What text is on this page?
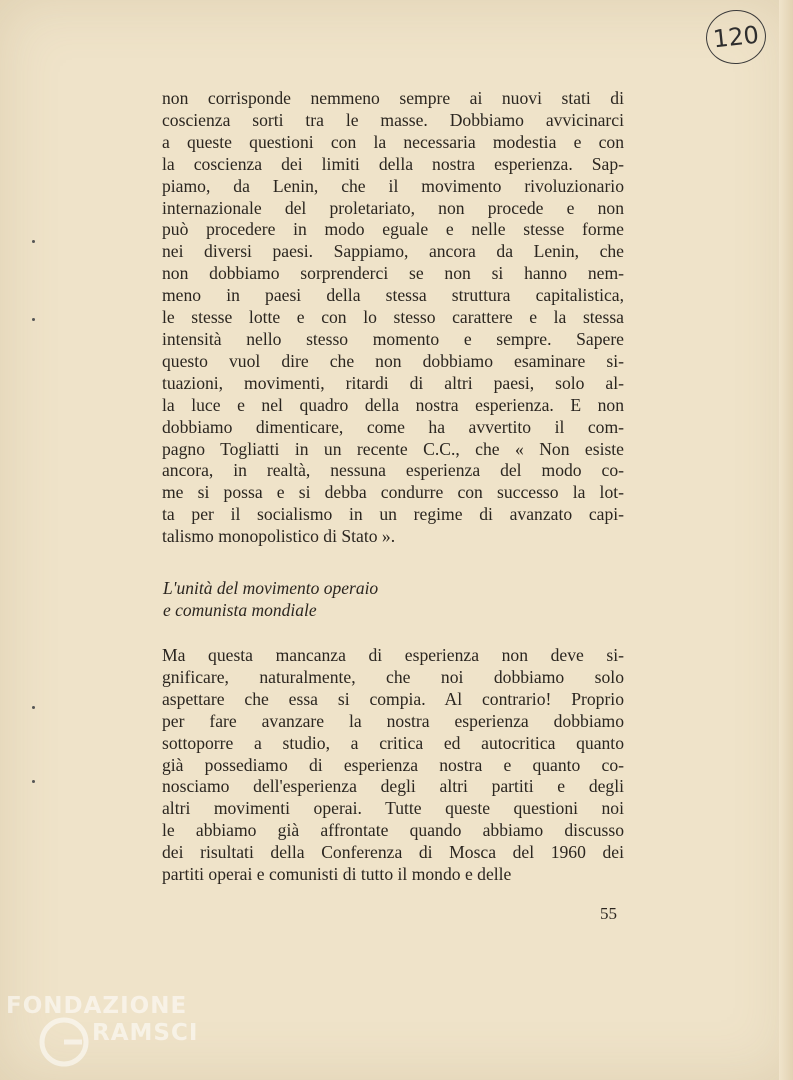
120

non corrisponde nemmeno sempre ai nuovi stati di
coscienza sorti tra le masse. Dobbiamo avvicinarci
a queste questioni con la necessaria modestia e con
la coscienza dei limiti della nostra esperienza. Sap-
piamo, da Lenin, che il movimento rivoluzionario
internazionale del proletariato, non procede e non
può procedere in modo eguale e nelle stesse forme
nei diversi paesi. Sappiamo, ancora da Lenin, che
non dobbiamo sorprenderci se non si hanno nem-
meno in paesi della stessa struttura capitalistica,
le stesse lotte e con lo stesso carattere e la stessa
intensità nello stesso momento e sempre. Sapere
questo vuol dire che non dobbiamo esaminare si-
tuazioni, movimenti, ritardi di altri paesi, solo al-
la luce e nel quadro della nostra esperienza. E non
dobbiamo dimenticare, come ha avvertito il com-
pagno Togliatti in un recente C.C., che « Non esiste
ancora, in realtà, nessuna esperienza del modo co-
me si possa e si debba condurre con successo la lot-
ta per il socialismo in un regime di avanzato capi-
talismo monopolistico di Stato ».

L'unità del movimento operaio
e comunista mondiale

Ma questa mancanza di esperienza non deve si-
gnificare, naturalmente, che noi dobbiamo solo
aspettare che essa si compia. Al contrario! Proprio
per fare avanzare la nostra esperienza dobbiamo
sottoporre a studio, a critica ed autocritica quanto
già possediamo di esperienza nostra e quanto co-
nosciamo dell'esperienza degli altri partiti e degli
altri movimenti operai. Tutte queste questioni noi
le abbiamo già affrontate quando abbiamo discusso
dei risultati della Conferenza di Mosca del 1960 dei
partiti operai e comunisti di tutto il mondo e delle

55
FONDAZIONE
RAMSCI
